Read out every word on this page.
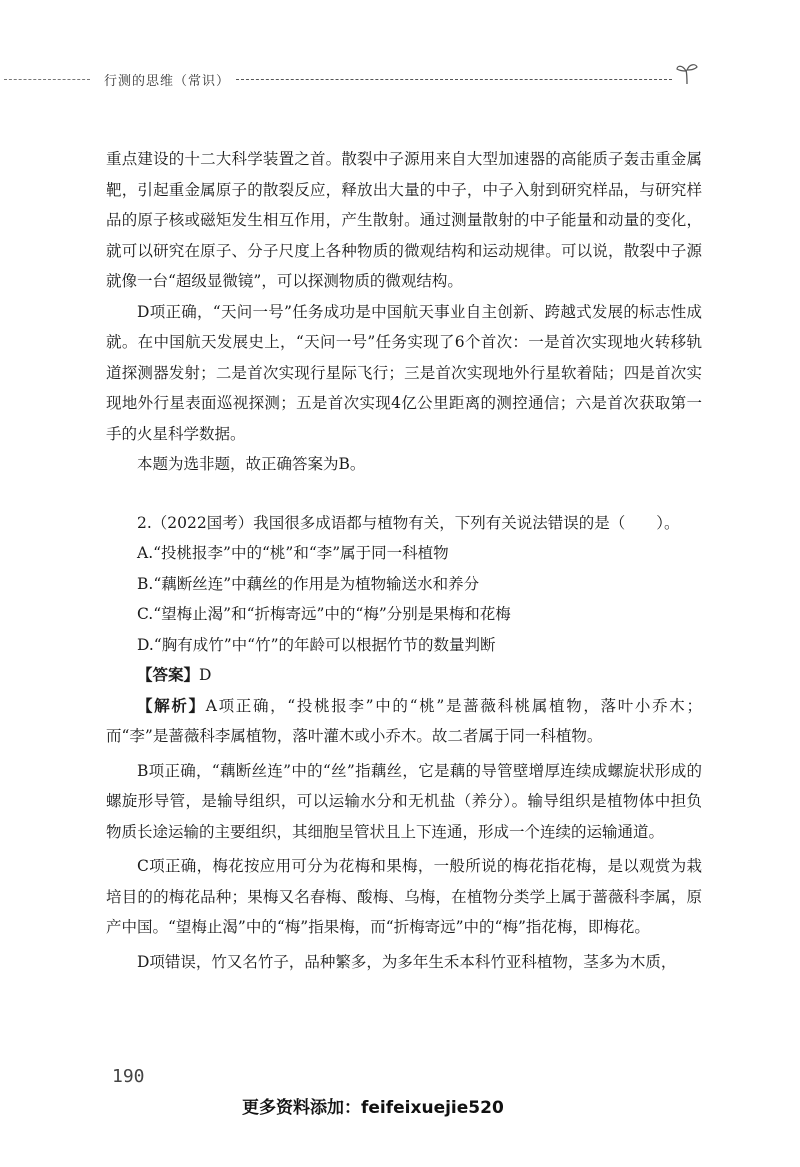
行测的思维（常识）

重点建设的十二大科学装置之首。散裂中子源用来自大型加速器的高能质子轰击重金属靶，引起重金属原子的散裂反应，释放出大量的中子，中子入射到研究样品，与研究样品的原子核或磁矩发生相互作用，产生散射。通过测量散射的中子能量和动量的变化，就可以研究在原子、分子尺度上各种物质的微观结构和运动规律。可以说，散裂中子源就像一台“超级显微镜”，可以探测物质的微观结构。

D项正确，“天问一号”任务成功是中国航天事业自主创新、跨越式发展的标志性成就。在中国航天发展史上，“天问一号”任务实现了6个首次：一是首次实现地火转移轨道探测器发射；二是首次实现行星际飞行；三是首次实现地外行星软着陆；四是首次实现地外行星表面巡视探测；五是首次实现4亿公里距离的测控通信；六是首次获取第一手的火星科学数据。

本题为选非题，故正确答案为B。

2.（2022国考）我国很多成语都与植物有关，下列有关说法错误的是（　　）。

A.“投桃报李”中的“桃”和“李”属于同一科植物

B.“藕断丝连”中藕丝的作用是为植物输送水和养分

C.“望梅止渴”和“折梅寄远”中的“梅”分别是果梅和花梅

D.“胸有成竹”中“竹”的年龄可以根据竹节的数量判断

【答案】D

【解析】A项正确，“投桃报李”中的“桃”是蔷薇科桃属植物，落叶小乔木；而“李”是蔷薇科李属植物，落叶灌木或小乔木。故二者属于同一科植物。

B项正确，“藕断丝连”中的“丝”指藕丝，它是藕的导管壁增厚连续成螺旋状形成的螺旋形导管，是输导组织，可以运输水分和无机盐（养分）。输导组织是植物体中担负物质长途运输的主要组织，其细胞呈管状且上下连通，形成一个连续的运输通道。

C项正确，梅花按应用可分为花梅和果梅，一般所说的梅花指花梅，是以观赏为栽培目的的梅花品种；果梅又名春梅、酸梅、乌梅，在植物分类学上属于蔷薇科李属，原产中国。“望梅止渴”中的“梅”指果梅，而“折梅寄远”中的“梅”指花梅，即梅花。

D项错误，竹又名竹子，品种繁多，为多年生禾本科竹亚科植物，茎多为木质，

190
更多资料添加：feifeixuejie520
